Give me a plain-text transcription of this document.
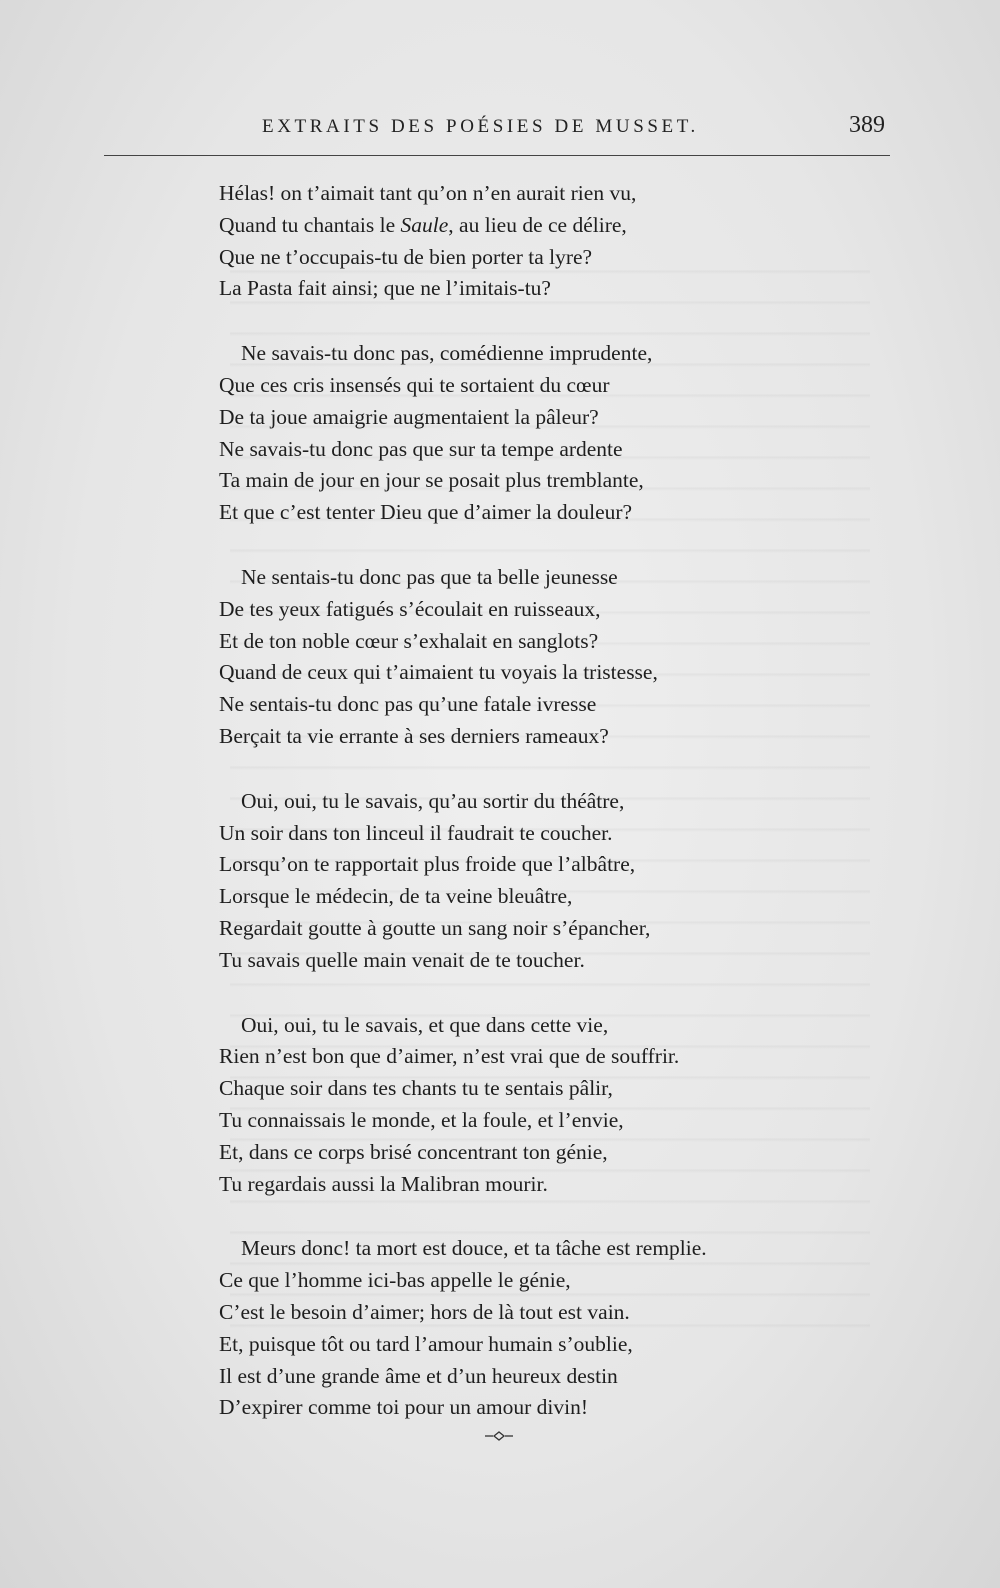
EXTRAITS DES POÉSIES DE MUSSET.	389
Hélas! on t’aimait tant qu’on n’en aurait rien vu,
Quand tu chantais le Saule, au lieu de ce délire,
Que ne t’occupais-tu de bien porter ta lyre?
La Pasta fait ainsi; que ne l’imitais-tu?
Ne savais-tu donc pas, comédienne imprudente,
Que ces cris insensés qui te sortaient du cœur
De ta joue amaigrie augmentaient la pâleur?
Ne savais-tu donc pas que sur ta tempe ardente
Ta main de jour en jour se posait plus tremblante,
Et que c’est tenter Dieu que d’aimer la douleur?
Ne sentais-tu donc pas que ta belle jeunesse
De tes yeux fatigués s’écoulait en ruisseaux,
Et de ton noble cœur s’exhalait en sanglots?
Quand de ceux qui t’aimaient tu voyais la tristesse,
Ne sentais-tu donc pas qu’une fatale ivresse
Berçait ta vie errante à ses derniers rameaux?
Oui, oui, tu le savais, qu’au sortir du théâtre,
Un soir dans ton linceul il faudrait te coucher.
Lorsqu’on te rapportait plus froide que l’albâtre,
Lorsque le médecin, de ta veine bleuâtre,
Regardait goutte à goutte un sang noir s’épancher,
Tu savais quelle main venait de te toucher.
Oui, oui, tu le savais, et que dans cette vie,
Rien n’est bon que d’aimer, n’est vrai que de souffrir.
Chaque soir dans tes chants tu te sentais pâlir,
Tu connaissais le monde, et la foule, et l’envie,
Et, dans ce corps brisé concentrant ton génie,
Tu regardais aussi la Malibran mourir.
Meurs donc! ta mort est douce, et ta tâche est remplie.
Ce que l’homme ici-bas appelle le génie,
C’est le besoin d’aimer; hors de là tout est vain.
Et, puisque tôt ou tard l’amour humain s’oublie,
Il est d’une grande âme et d’un heureux destin
D’expirer comme toi pour un amour divin!
